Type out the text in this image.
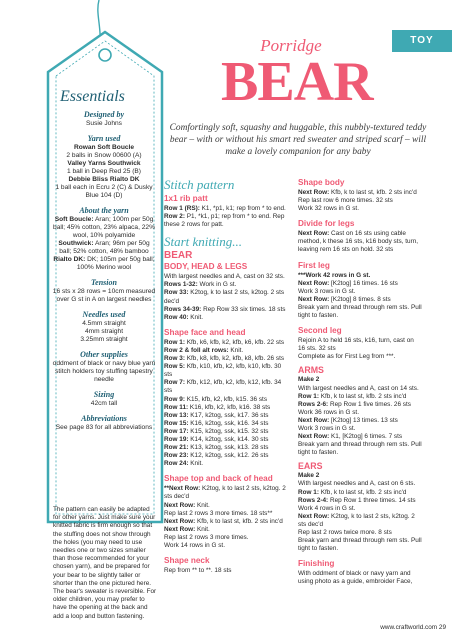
Essentials
Designed by
Susie Johns
Yarn used
Rowan Soft Boucle
2 balls in Snow 00600 (A)
Valley Yarns Southwick
1 ball in Deep Red 25 (B)
Debbie Bliss Rialto DK
1 ball each in Ecru 2 (C) & Dusky Blue 104 (D)
About the yarn
Soft Boucle: Aran; 100m per 50g ball; 45% cotton, 23% alpaca, 22% wool, 10% polyamide
Southwick: Aran; 96m per 50g ball; 52% cotton, 48% bamboo
Rialto DK: DK; 105m per 50g ball; 100% Merino wool
Tension
16 sts x 28 rows = 10cm measured over G st in A on largest needles
Needles used
4.5mm straight
4mm straight
3.25mm straight
Other supplies
oddment of black or navy blue yarn stitch holders toy stuffing tapestry needle
Sizing
42cm tall
Abbreviations
See page 83 for all abbreviations
The pattern can easily be adapted for other yarns. Just make sure your knitted fabric is firm enough so that the stuffing does not show through the holes (you may need to use needles one or two sizes smaller than those recommended for your chosen yarn), and be prepared for your bear to be slightly taller or shorter than the one pictured here. The bear's sweater is reversible. For older children, you may prefer to have the opening at the back and add a loop and button fastening.
TOY
Porridge
BEAR
Comfortingly soft, squashy and huggable, this nubbly-textured teddy bear – with or without his smart red sweater and striped scarf – will make a lovely companion for any baby
Stitch pattern
1x1 rib patt

Row 1 (RS): K1, *p1, k1; rep from * to end.

Row 2: P1, *k1, p1; rep from * to end. Rep these 2 rows for patt.

Start knitting...
BEAR
BODY, HEAD & LEGS

With largest needles and A, cast on 32 sts.

Rows 1-32: Work in G st.

Row 33: K2tog, k to last 2 sts, k2tog. 2 sts dec'd

Rows 34-39: Rep Row 33 six times. 18 sts

Row 40: Knit.

Shape face and head

Row 1: Kfb, k6, kfb, k2, kfb, k6, kfb. 22 sts

Row 2 & foll alt rows: Knit.

Row 3: Kfb, k8, kfb, k2, kfb, k8, kfb. 26 sts

Row 5: Kfb, k10, kfb, k2, kfb, k10, kfb. 30 sts

Row 7: Kfb, k12, kfb, k2, kfb, k12, kfb. 34 sts

Row 9: K15, kfb, k2, kfb, k15. 36 sts

Row 11: K16, kfb, k2, kfb, k16. 38 sts

Row 13: K17, k2tog, ssk, k17. 36 sts

Row 15: K16, k2tog, ssk, k16. 34 sts

Row 17: K15, k2tog, ssk, k15. 32 sts

Row 19: K14, k2tog, ssk, k14. 30 sts

Row 21: K13, k2tog, ssk, k13. 28 sts

Row 23: K12, k2tog, ssk, k12. 26 sts

Row 24: Knit.

Shape top and back of head

**Next Row: K2tog, k to last 2 sts, k2tog. 2 sts dec'd

Next Row: Knit.

Rep last 2 rows 3 more times. 18 sts**

Next Row: Kfb, k to last st, kfb. 2 sts inc'd

Next Row: Knit.

Rep last 2 rows 3 more times.

Work 14 rows in G st.

Shape neck

Rep from ** to **. 18 sts

Shape body

Next Row: Kfb, k to last st, kfb. 2 sts inc'd

Rep last row 6 more times. 32 sts

Work 32 rows in G st.

Divide for legs

Next Row: Cast on 16 sts using cable method, k these 16 sts, k16 body sts, turn, leaving rem 16 sts on hold. 32 sts

First leg

***Work 42 rows in G st.

Next Row: [K2tog] 16 times. 16 sts

Work 3 rows in G st.

Next Row: [K2tog] 8 times. 8 sts

Break yarn and thread through rem sts. Pull tight to fasten.

Second leg

Rejoin A to held 16 sts, k16, turn, cast on 16 sts. 32 sts

Complete as for First Leg from ***.

ARMS

Make 2

With largest needles and A, cast on 14 sts.

Row 1: Kfb, k to last st, kfb. 2 sts inc'd

Rows 2-6: Rep Row 1 five times. 26 sts

Work 36 rows in G st.

Next Row: [K2tog] 13 times. 13 sts

Work 3 rows in G st.

Next Row: K1, [K2tog] 6 times. 7 sts

Break yarn and thread through rem sts. Pull tight to fasten.

EARS

Make 2

With largest needles and A, cast on 6 sts.

Row 1: Kfb, k to last st, kfb. 2 sts inc'd

Rows 2-4: Rep Row 1 three times. 14 sts

Work 4 rows in G st.

Next Row: K2tog, k to last 2 sts, k2tog. 2 sts dec'd

Rep last 2 rows twice more. 8 sts

Break yarn and thread through rem sts. Pull tight to fasten.

Finishing

With oddment of black or navy yarn and using photo as a guide, embroider Face,

www.craftworld.com 29
